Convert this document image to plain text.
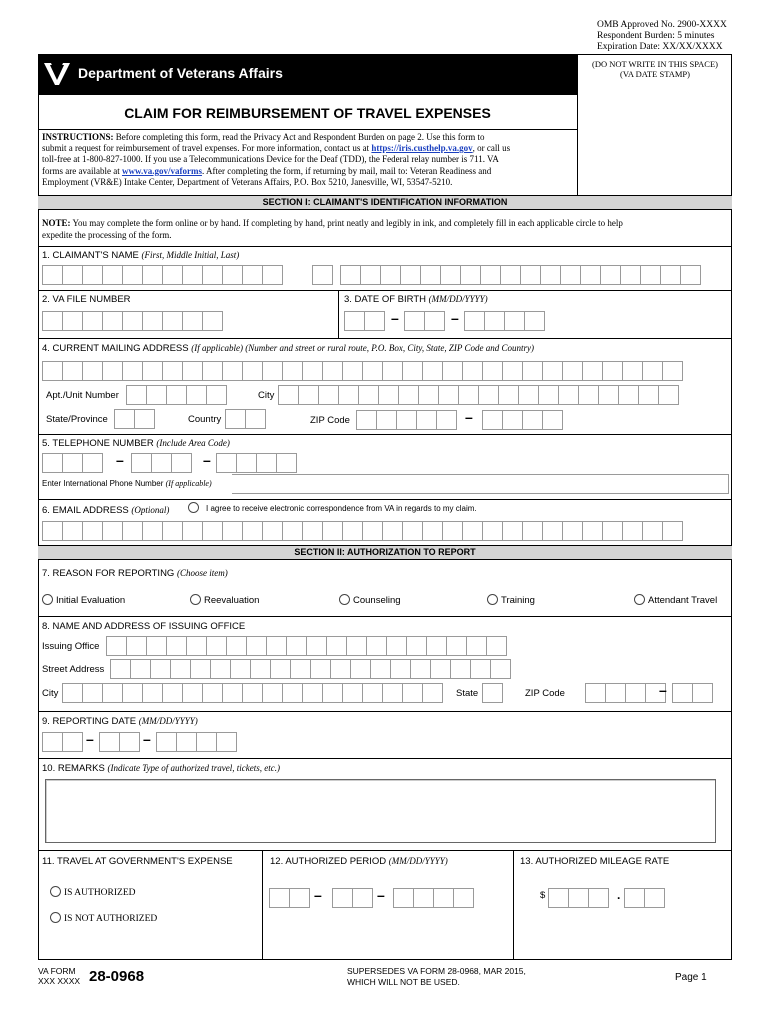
OMB Approved No. 2900-XXXX
Respondent Burden: 5 minutes
Expiration Date: XX/XX/XXXX
Department of Veterans Affairs
(DO NOT WRITE IN THIS SPACE)
(VA DATE STAMP)
CLAIM FOR REIMBURSEMENT OF TRAVEL EXPENSES
INSTRUCTIONS: Before completing this form, read the Privacy Act and Respondent Burden on page 2. Use this form to
submit a request for reimbursement of travel expenses. For more information, contact us at https://iris.custhelp.va.gov, or call us
toll-free at 1-800-827-1000. If you use a Telecommunications Device for the Deaf (TDD), the Federal relay number is 711. VA
forms are available at www.va.gov/vaforms. After completing the form, if returning by mail, mail to: Veteran Readiness and
Employment (VR&E) Intake Center, Department of Veterans Affairs, P.O. Box 5210, Janesville, WI, 53547-5210.
SECTION I: CLAIMANT'S IDENTIFICATION INFORMATION
NOTE: You may complete the form online or by hand. If completing by hand, print neatly and legibly in ink, and completely fill in each applicable circle to help
expedite the processing of the form.
1. CLAIMANT'S NAME (First, Middle Initial, Last)
2. VA FILE NUMBER	3. DATE OF BIRTH (MM/DD/YYYY)
–	–
4. CURRENT MAILING ADDRESS (If applicable) (Number and street or rural route, P.O. Box, City, State, ZIP Code and Country)
Apt./Unit Number	City
State/Province	Country	ZIP Code	–
5. TELEPHONE NUMBER (Include Area Code)
–	–
Enter International Phone Number (If applicable)
6. EMAIL ADDRESS (Optional)	I agree to receive electronic correspondence from VA in regards to my claim.
SECTION II: AUTHORIZATION TO REPORT
7. REASON FOR REPORTING (Choose item)
Initial Evaluation	Reevaluation	Counseling	Training	Attendant Travel
8. NAME AND ADDRESS OF ISSUING OFFICE
Issuing Office
Street Address
City	State	ZIP Code	–
9. REPORTING DATE (MM/DD/YYYY)
–	–
10. REMARKS (Indicate Type of authorized travel, tickets, etc.)
11. TRAVEL AT GOVERNMENT'S EXPENSE
IS AUTHORIZED
IS NOT AUTHORIZED
12. AUTHORIZED PERIOD (MM/DD/YYYY)
–	–
13. AUTHORIZED MILEAGE RATE
$	.
VA FORM
XXX XXXX 28-0968	SUPERSEDES VA FORM 28-0968, MAR 2015,
WHICH WILL NOT BE USED.	Page 1
